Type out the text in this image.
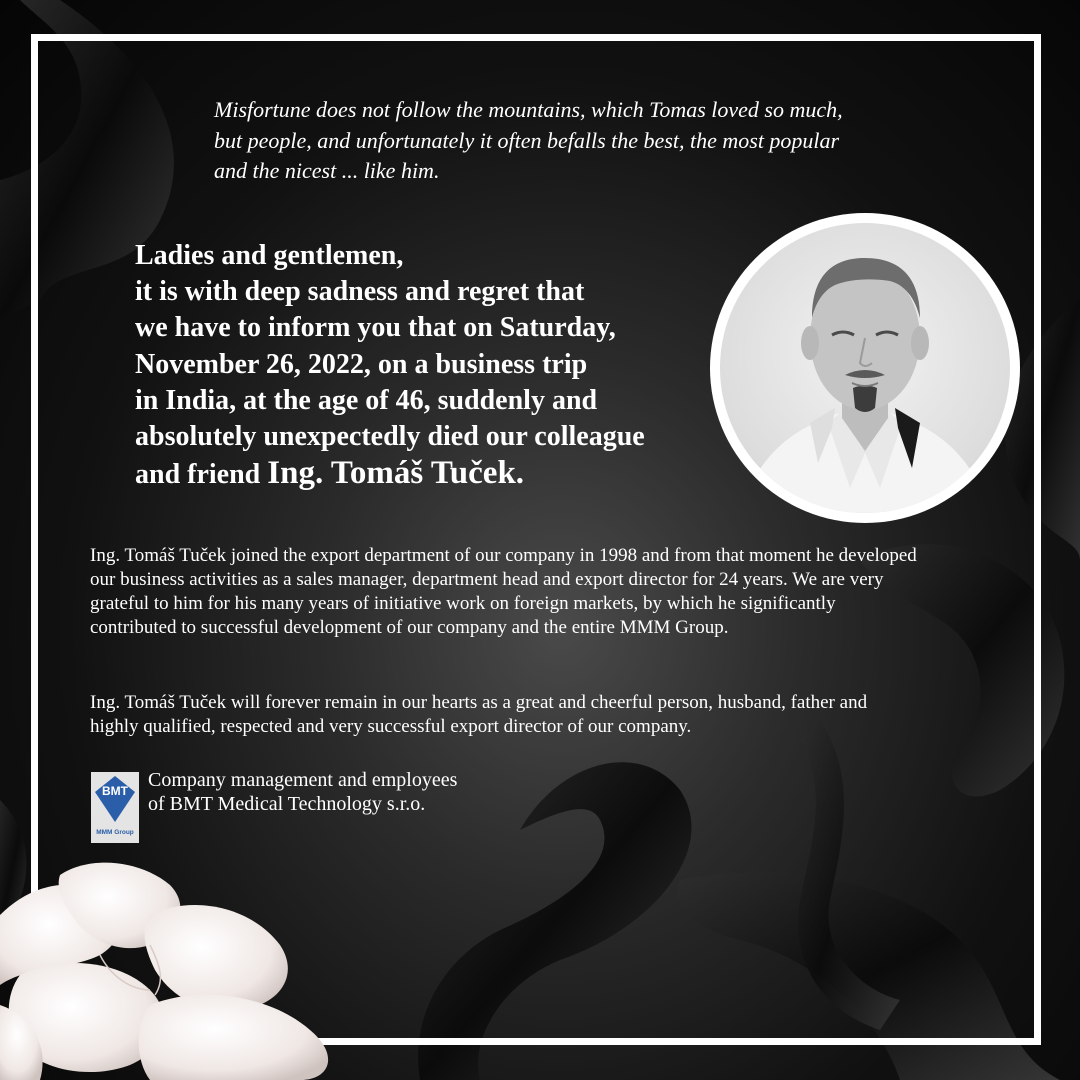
Misfortune does not follow the mountains, which Tomas loved so much,
but people, and unfortunately it often befalls the best, the most popular
and the nicest ... like him.
Ladies and gentlemen,
it is with deep sadness and regret that
we have to inform you that on Saturday,
November 26, 2022, on a business trip
in India, at the age of 46, suddenly and
absolutely unexpectedly died our colleague
and friend Ing. Tomáš Tuček.
Ing. Tomáš Tuček joined the export department of our company in 1998 and from that moment he developed our business activities as a sales manager, department head and export director for 24 years. We are very grateful to him for his many years of initiative work on foreign markets, by which he significantly contributed to successful development of our company and the entire MMM Group.
Ing. Tomáš Tuček will forever remain in our hearts as a great and cheerful person, husband, father and highly qualified, respected and very successful export director of our company.
BMT
MMM Group
Company management and employees
of BMT Medical Technology s.r.o.
